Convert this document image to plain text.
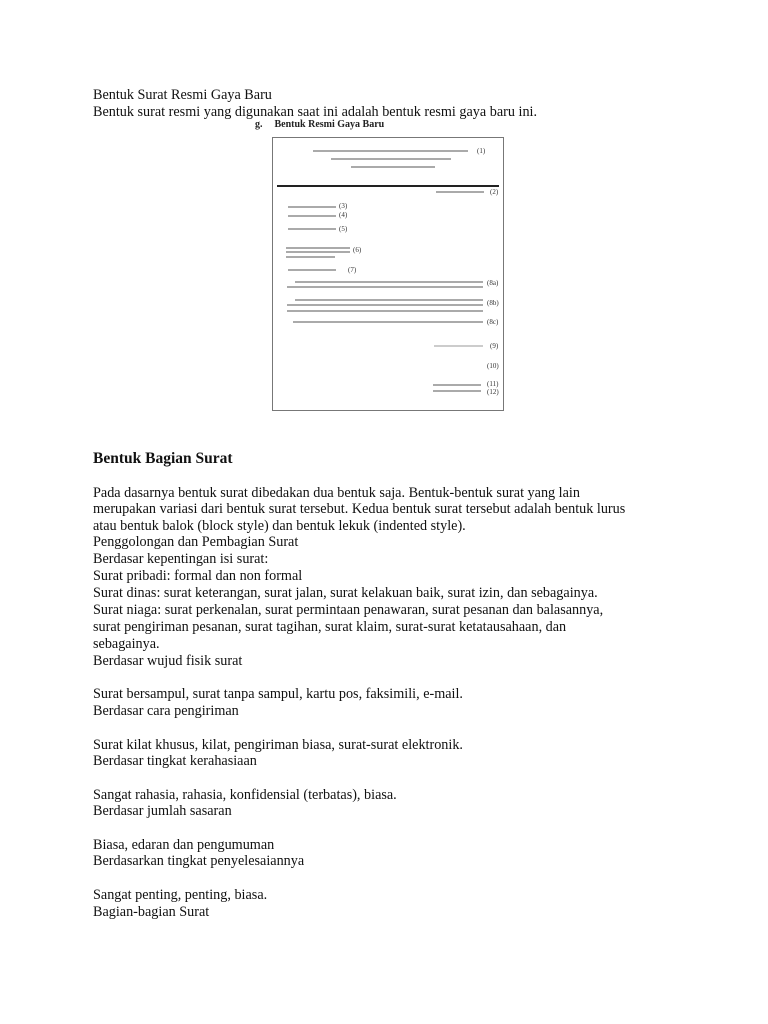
Bentuk Surat Resmi Gaya Baru
Bentuk surat resmi yang digunakan saat ini adalah bentuk resmi gaya baru ini.
g. Bentuk Resmi Gaya Baru
(1)
(2)
(3)
(4)
(5)
(6)
(7)
(8a)
(8b)
(8c)
(9)
(10)
(11)
(12)
Bentuk Bagian Surat
Pada dasarnya bentuk surat dibedakan dua bentuk saja. Bentuk-bentuk surat yang lain
merupakan variasi dari bentuk surat tersebut. Kedua bentuk surat tersebut adalah bentuk lurus
atau bentuk balok (block style) dan bentuk lekuk (indented style).
Penggolongan dan Pembagian Surat
Berdasar kepentingan isi surat:
Surat pribadi: formal dan non formal
Surat dinas: surat keterangan, surat jalan, surat kelakuan baik, surat izin, dan sebagainya.
Surat niaga: surat perkenalan, surat permintaan penawaran, surat pesanan dan balasannya,
surat pengiriman pesanan, surat tagihan, surat klaim, surat-surat ketatausahaan, dan
sebagainya.
Berdasar wujud fisik surat
Surat bersampul, surat tanpa sampul, kartu pos, faksimili, e-mail.
Berdasar cara pengiriman
Surat kilat khusus, kilat, pengiriman biasa, surat-surat elektronik.
Berdasar tingkat kerahasiaan
Sangat rahasia, rahasia, konfidensial (terbatas), biasa.
Berdasar jumlah sasaran
Biasa, edaran dan pengumuman
Berdasarkan tingkat penyelesaiannya
Sangat penting, penting, biasa.
Bagian-bagian Surat
